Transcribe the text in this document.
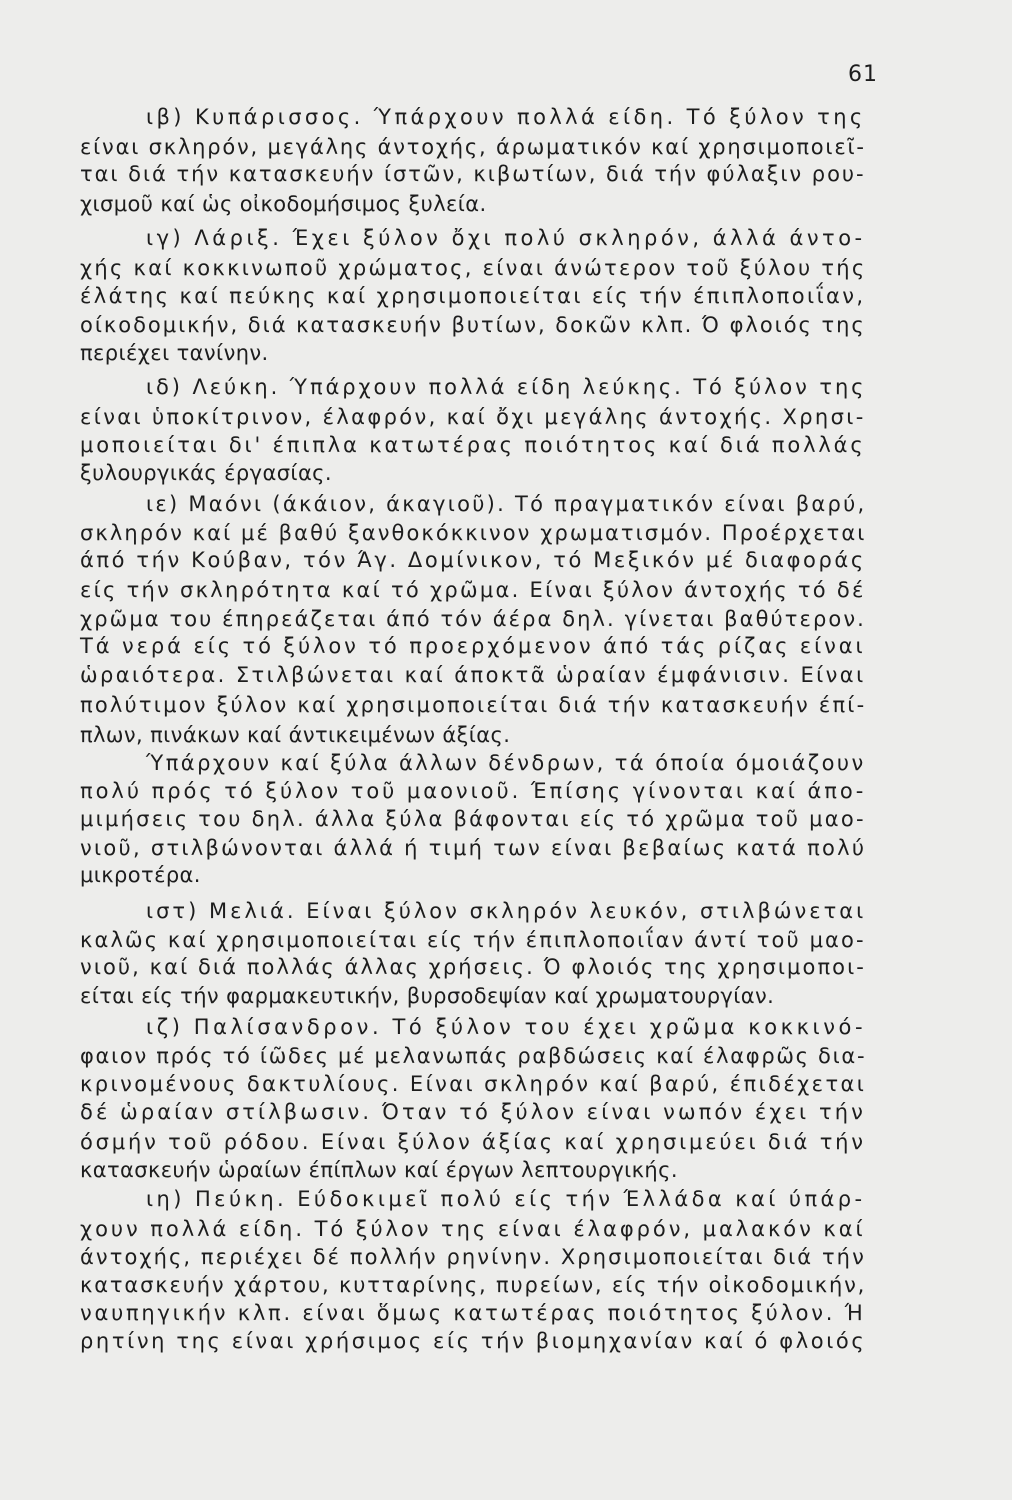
61
ιβ) Κυπάρισσος. Ύπάρχουν πολλά είδη. Τό ξύλον της
είναι σκληρόν, μεγάλης άντοχής, άρωματικόν καί χρησιμοποιεῖ-
ται διά τήν κατασκευήν ίστῶν, κιβωτίων, διά τήν φύλαξιν ρου-
χισμοῦ καί ὡς οἰκοδομήσιμος ξυλεία.
ιγ) Λάριξ. Έχει ξύλον ὄχι πολύ σκληρόν, άλλά άντο-
χής καί κοκκινωποῦ χρώματος, είναι άνώτερον τοῦ ξύλου τής
έλάτης καί πεύκης καί χρησιμοποιείται είς τήν έπιπλοποιΐαν,
οίκοδομικήν, διά κατασκευήν βυτίων, δοκῶν κλπ. Ό φλοιός της
περιέχει τανίνην.
ιδ) Λεύκη. Ύπάρχουν πολλά είδη λεύκης. Τό ξύλον της
είναι ὑποκίτρινον, έλαφρόν, καί ὄχι μεγάλης άντοχής. Χρησι-
μοποιείται δι' έπιπλα κατωτέρας ποιότητος καί διά πολλάς
ξυλουργικάς έργασίας.
ιε) Μαόνι (άκάιον, άκαγιοῦ). Τό πραγματικόν είναι βαρύ,
σκληρόν καί μέ βαθύ ξανθοκόκκινον χρωματισμόν. Προέρχεται
άπό τήν Κούβαν, τόν Άγ. Δομίνικον, τό Μεξικόν μέ διαφοράς
είς τήν σκληρότητα καί τό χρῶμα. Είναι ξύλον άντοχής τό δέ
χρῶμα του έπηρεάζεται άπό τόν άέρα δηλ. γίνεται βαθύτερον.
Τά νερά είς τό ξύλον τό προερχόμενον άπό τάς ρίζας είναι
ὡραιότερα. Στιλβώνεται καί άποκτᾶ ὡραίαν έμφάνισιν. Είναι
πολύτιμον ξύλον καί χρησιμοποιείται διά τήν κατασκευήν έπί-
πλων, πινάκων καί άντικειμένων άξίας.
Ύπάρχουν καί ξύλα άλλων δένδρων, τά όποία όμοιάζουν
πολύ πρός τό ξύλον τοῦ μαονιοῦ. Έπίσης γίνονται καί άπο-
μιμήσεις του δηλ. άλλα ξύλα βάφονται είς τό χρῶμα τοῦ μαο-
νιοῦ, στιλβώνονται άλλά ή τιμή των είναι βεβαίως κατά πολύ
μικροτέρα.
ιστ) Μελιά. Είναι ξύλον σκληρόν λευκόν, στιλβώνεται
καλῶς καί χρησιμοποιείται είς τήν έπιπλοποιΐαν άντί τοῦ μαο-
νιοῦ, καί διά πολλάς άλλας χρήσεις. Ό φλοιός της χρησιμοποι-
είται είς τήν φαρμακευτικήν, βυρσοδεψίαν καί χρωματουργίαν.
ιζ) Παλίσανδρον. Τό ξύλον του έχει χρῶμα κοκκινό-
φαιον πρός τό ίῶδες μέ μελανωπάς ραβδώσεις καί έλαφρῶς δια-
κρινομένους δακτυλίους. Είναι σκληρόν καί βαρύ, έπιδέχεται
δέ ὡραίαν στίλβωσιν. Όταν τό ξύλον είναι νωπόν έχει τήν
όσμήν τοῦ ρόδου. Είναι ξύλον άξίας καί χρησιμεύει διά τήν
κατασκευήν ὡραίων έπίπλων καί έργων λεπτουργικής.
ιη) Πεύκη. Εύδοκιμεῖ πολύ είς τήν Έλλάδα καί ύπάρ-
χουν πολλά είδη. Τό ξύλον της είναι έλαφρόν, μαλακόν καί
άντοχής, περιέχει δέ πολλήν ρηνίνην. Χρησιμοποιείται διά τήν
κατασκευήν χάρτου, κυτταρίνης, πυρείων, είς τήν οἰκοδομικήν,
ναυπηγικήν κλπ. είναι ὅμως κατωτέρας ποιότητος ξύλον. Ή
ρητίνη της είναι χρήσιμος είς τήν βιομηχανίαν καί ό φλοιός
